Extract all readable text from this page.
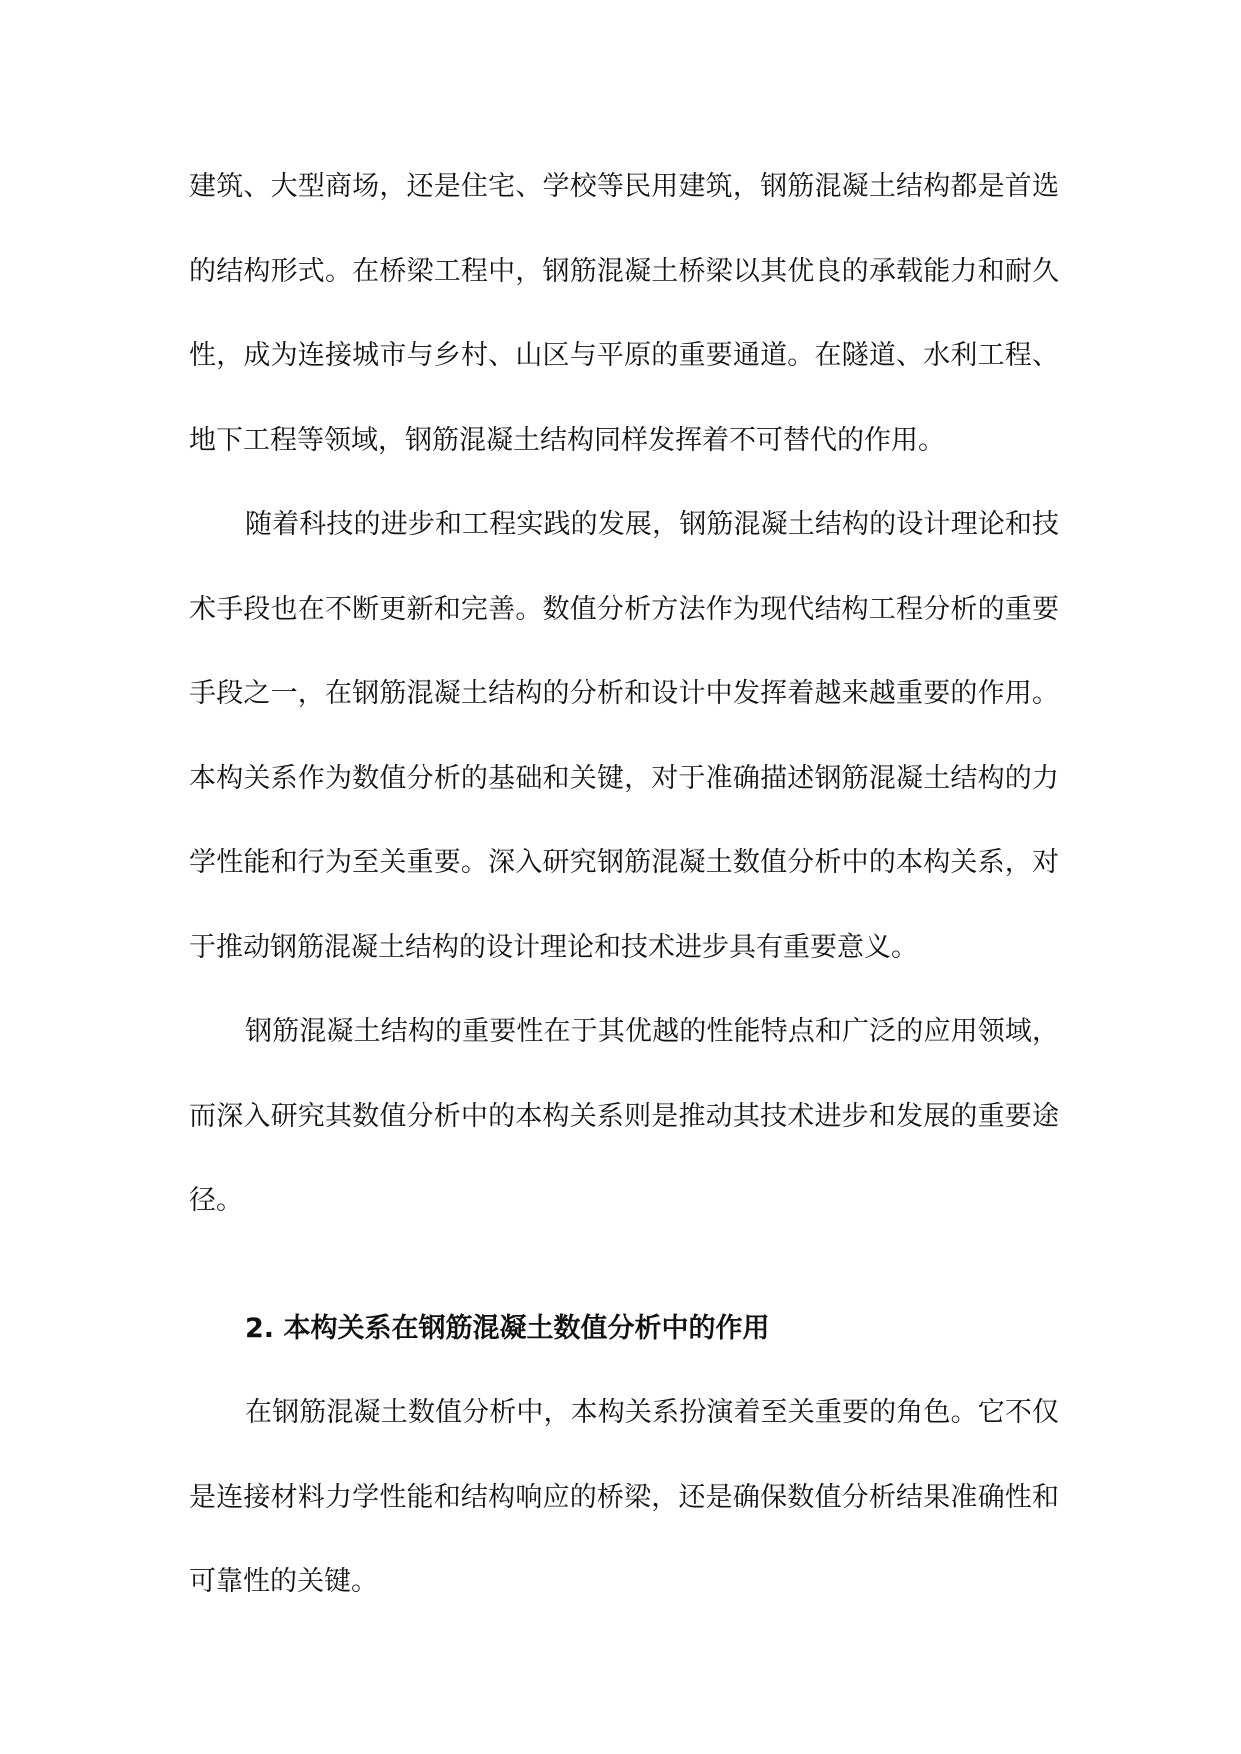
建筑、大型商场，还是住宅、学校等民用建筑，钢筋混凝土结构都是首选的结构形式。在桥梁工程中，钢筋混凝土桥梁以其优良的承载能力和耐久性，成为连接城市与乡村、山区与平原的重要通道。在隧道、水利工程、地下工程等领域，钢筋混凝土结构同样发挥着不可替代的作用。

随着科技的进步和工程实践的发展，钢筋混凝土结构的设计理论和技术手段也在不断更新和完善。数值分析方法作为现代结构工程分析的重要手段之一，在钢筋混凝土结构的分析和设计中发挥着越来越重要的作用。本构关系作为数值分析的基础和关键，对于准确描述钢筋混凝土结构的力学性能和行为至关重要。深入研究钢筋混凝土数值分析中的本构关系，对于推动钢筋混凝土结构的设计理论和技术进步具有重要意义。

钢筋混凝土结构的重要性在于其优越的性能特点和广泛的应用领域，而深入研究其数值分析中的本构关系则是推动其技术进步和发展的重要途径。

2. 本构关系在钢筋混凝土数值分析中的作用

在钢筋混凝土数值分析中，本构关系扮演着至关重要的角色。它不仅是连接材料力学性能和结构响应的桥梁，还是确保数值分析结果准确性和可靠性的关键。
